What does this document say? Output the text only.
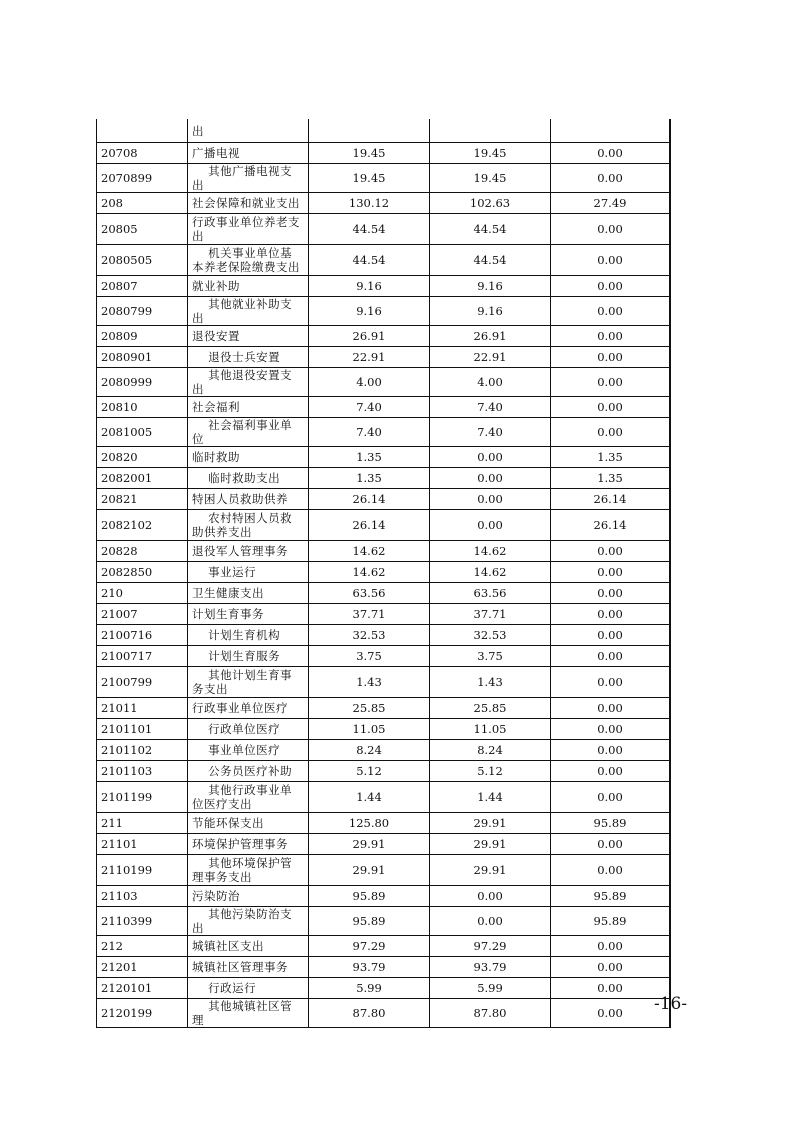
	出			
20708	广播电视	19.45	19.45	0.00
2070899	其他广播电视支出	19.45	19.45	0.00
208	社会保障和就业支出	130.12	102.63	27.49
20805	行政事业单位养老支出	44.54	44.54	0.00
2080505	机关事业单位基本养老保险缴费支出	44.54	44.54	0.00
20807	就业补助	9.16	9.16	0.00
2080799	其他就业补助支出	9.16	9.16	0.00
20809	退役安置	26.91	26.91	0.00
2080901	退役士兵安置	22.91	22.91	0.00
2080999	其他退役安置支出	4.00	4.00	0.00
20810	社会福利	7.40	7.40	0.00
2081005	社会福利事业单位	7.40	7.40	0.00
20820	临时救助	1.35	0.00	1.35
2082001	临时救助支出	1.35	0.00	1.35
20821	特困人员救助供养	26.14	0.00	26.14
2082102	农村特困人员救助供养支出	26.14	0.00	26.14
20828	退役军人管理事务	14.62	14.62	0.00
2082850	事业运行	14.62	14.62	0.00
210	卫生健康支出	63.56	63.56	0.00
21007	计划生育事务	37.71	37.71	0.00
2100716	计划生育机构	32.53	32.53	0.00
2100717	计划生育服务	3.75	3.75	0.00
2100799	其他计划生育事务支出	1.43	1.43	0.00
21011	行政事业单位医疗	25.85	25.85	0.00
2101101	行政单位医疗	11.05	11.05	0.00
2101102	事业单位医疗	8.24	8.24	0.00
2101103	公务员医疗补助	5.12	5.12	0.00
2101199	其他行政事业单位医疗支出	1.44	1.44	0.00
211	节能环保支出	125.80	29.91	95.89
21101	环境保护管理事务	29.91	29.91	0.00
2110199	其他环境保护管理事务支出	29.91	29.91	0.00
21103	污染防治	95.89	0.00	95.89
2110399	其他污染防治支出	95.89	0.00	95.89
212	城镇社区支出	97.29	97.29	0.00
21201	城镇社区管理事务	93.79	93.79	0.00
2120101	行政运行	5.99	5.99	0.00
2120199	其他城镇社区管理	87.80	87.80	0.00 -16-
